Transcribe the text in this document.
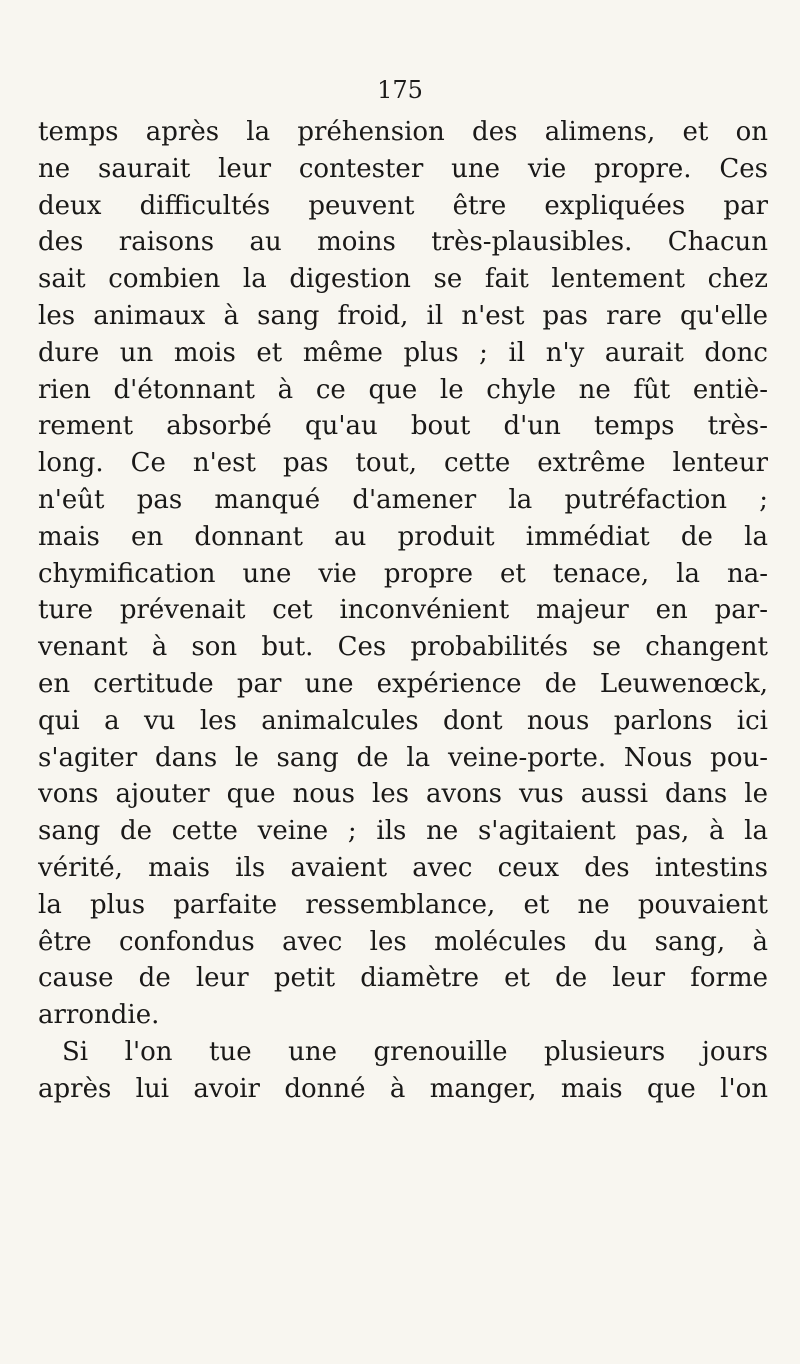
175
temps après la préhension des alimens, et on
ne saurait leur contester une vie propre. Ces
deux difficultés peuvent être expliquées par
des raisons au moins très-plausibles. Chacun
sait combien la digestion se fait lentement chez
les animaux à sang froid, il n'est pas rare qu'elle
dure un mois et même plus ; il n'y aurait donc
rien d'étonnant à ce que le chyle ne fût entiè-
rement absorbé qu'au bout d'un temps très-
long. Ce n'est pas tout, cette extrême lenteur
n'eût pas manqué d'amener la putréfaction ;
mais en donnant au produit immédiat de la
chymification une vie propre et tenace, la na-
ture prévenait cet inconvénient majeur en par-
venant à son but. Ces probabilités se changent
en certitude par une expérience de Leuwenœck,
qui a vu les animalcules dont nous parlons ici
s'agiter dans le sang de la veine-porte. Nous pou-
vons ajouter que nous les avons vus aussi dans le
sang de cette veine ; ils ne s'agitaient pas, à la
vérité, mais ils avaient avec ceux des intestins
la plus parfaite ressemblance, et ne pouvaient
être confondus avec les molécules du sang, à
cause de leur petit diamètre et de leur forme
arrondie.
Si l'on tue une grenouille plusieurs jours
après lui avoir donné à manger, mais que l'on
